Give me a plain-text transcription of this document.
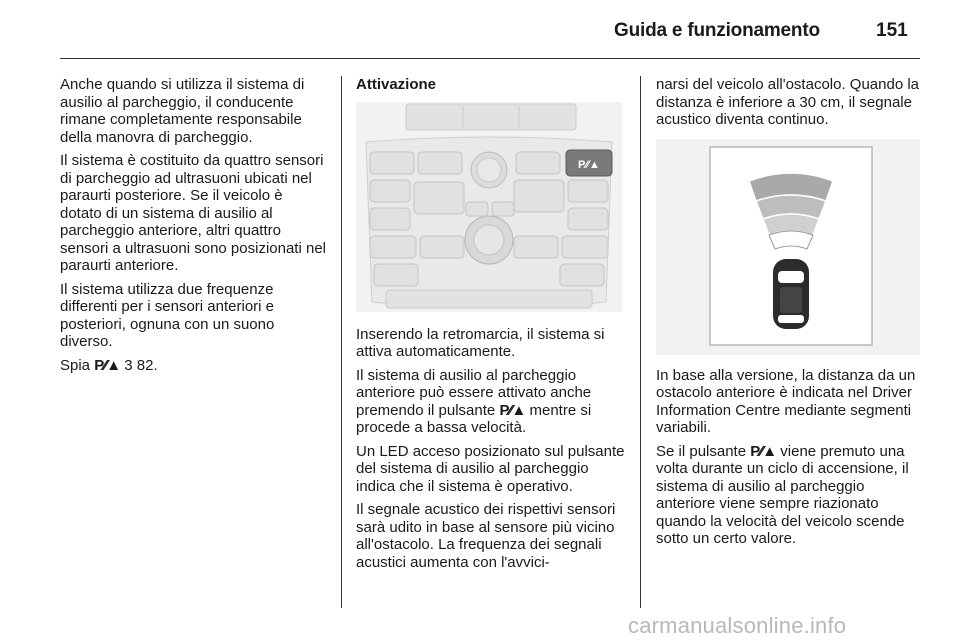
Guida e funzionamento	151

Anche quando si utilizza il sistema di ausilio al parcheggio, il conducente rimane completamente responsabile della manovra di parcheggio.

Il sistema è costituito da quattro sensori di parcheggio ad ultrasuoni ubicati nel paraurti posteriore. Se il veicolo è dotato di un sistema di ausilio al parcheggio anteriore, altri quattro sensori a ultrasuoni sono posizionati nel paraurti anteriore.

Il sistema utilizza due frequenze differenti per i sensori anteriori e posteriori, ognuna con un suono diverso.

Spia P⁄⁄▲ 3 82.

Attivazione
P⁄⁄▲

Inserendo la retromarcia, il sistema si attiva automaticamente.

Il sistema di ausilio al parcheggio anteriore può essere attivato anche premendo il pulsante P⁄⁄▲ mentre si procede a bassa velocità.

Un LED acceso posizionato sul pulsante del sistema di ausilio al parcheggio indica che il sistema è operativo.

Il segnale acustico dei rispettivi sensori sarà udito in base al sensore più vicino all'ostacolo. La frequenza dei segnali acustici aumenta con l'avvici-

narsi del veicolo all'ostacolo. Quando la distanza è inferiore a 30 cm, il segnale acustico diventa continuo.

In base alla versione, la distanza da un ostacolo anteriore è indicata nel Driver Information Centre mediante segmenti variabili.

Se il pulsante P⁄⁄▲ viene premuto una volta durante un ciclo di accensione, il sistema di ausilio al parcheggio anteriore viene sempre riazionato quando la velocità del veicolo scende sotto un certo valore.

carmanualsonline.info
